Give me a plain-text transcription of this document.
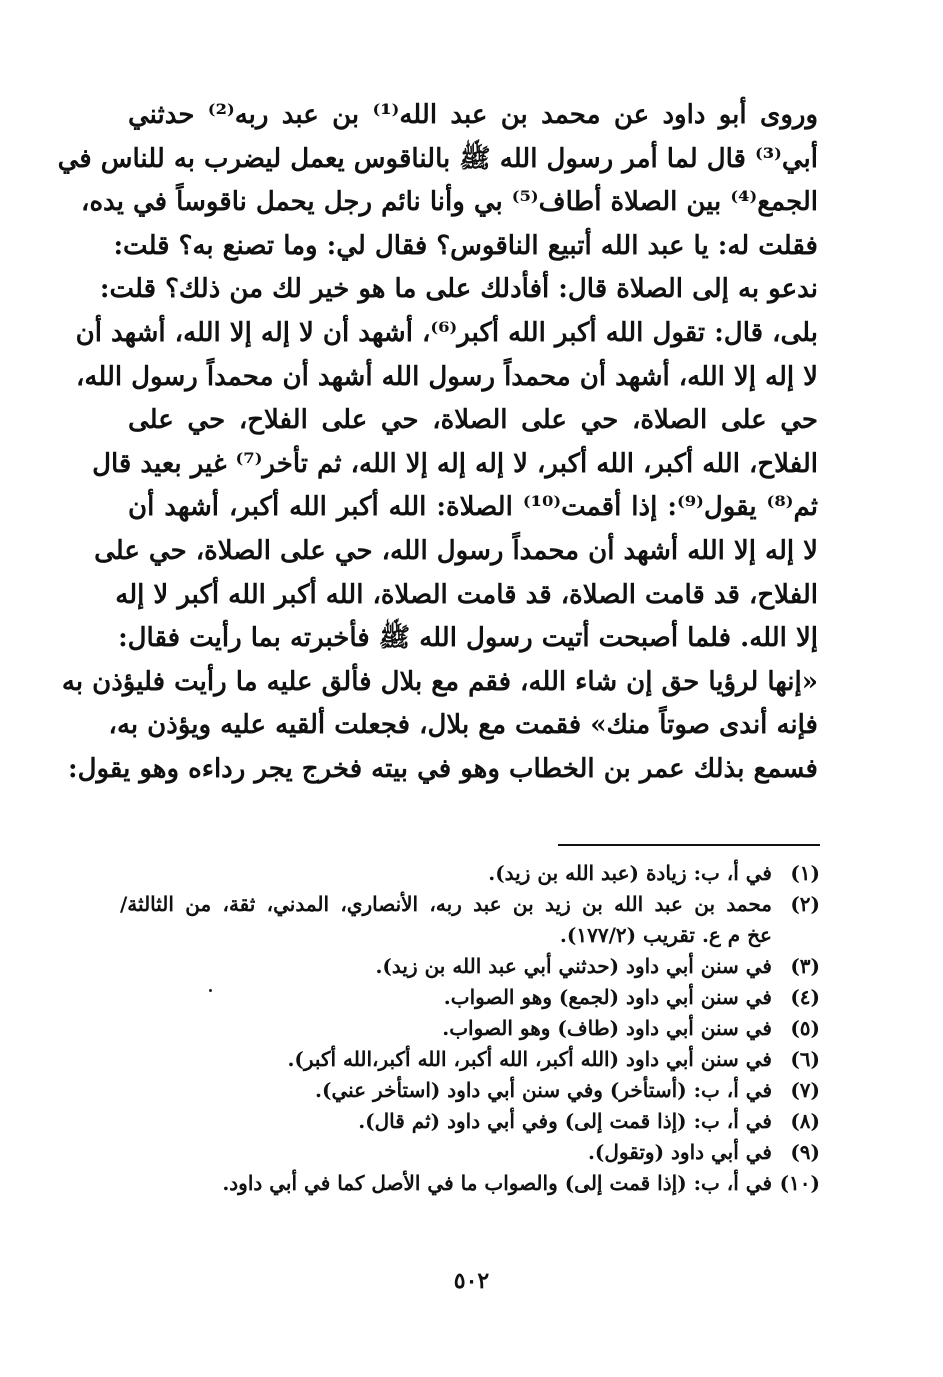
وروى أبو داود عن محمد بن عبد الله⁽¹⁾ بن عبد ربه⁽²⁾ حدثني
أبي⁽³⁾ قال لما أمر رسول الله ﷺ بالناقوس يعمل ليضرب به للناس في
الجمع⁽⁴⁾ بين الصلاة أطاف⁽⁵⁾ بي وأنا نائم رجل يحمل ناقوساً في يده،
فقلت له: يا عبد الله أتبيع الناقوس؟ فقال لي: وما تصنع به؟ قلت:
ندعو به إلى الصلاة قال: أفأدلك على ما هو خير لك من ذلك؟ قلت:
بلى، قال: تقول الله أكبر الله أكبر⁽⁶⁾، أشهد أن لا إله إلا الله، أشهد أن
لا إله إلا الله، أشهد أن محمداً رسول الله أشهد أن محمداً رسول الله،
حي على الصلاة، حي على الصلاة، حي على الفلاح، حي على
الفلاح، الله أكبر، الله أكبر، لا إله إله إلا الله، ثم تأخر⁽⁷⁾ غير بعيد قال
ثم⁽⁸⁾ يقول⁽⁹⁾: إذا أقمت⁽¹⁰⁾ الصلاة: الله أكبر الله أكبر، أشهد أن
لا إله إلا الله أشهد أن محمداً رسول الله، حي على الصلاة، حي على
الفلاح، قد قامت الصلاة، قد قامت الصلاة، الله أكبر الله أكبر لا إله
إلا الله. فلما أصبحت أتيت رسول الله ﷺ فأخبرته بما رأيت فقال:
«إنها لرؤيا حق إن شاء الله، فقم مع بلال فألق عليه ما رأيت فليؤذن به
فإنه أندى صوتاً منك» فقمت مع بلال، فجعلت ألقيه عليه ويؤذن به،
فسمع بذلك عمر بن الخطاب وهو في بيته فخرج يجر رداءه وهو يقول:
(١)
في أ، ب: زيادة (عبد الله بن زيد).
(٢)
محمد بن عبد الله بن زيد بن عبد ربه، الأنصاري، المدني، ثقة، من الثالثة/
عخ م ع. تقريب (١٧٧/٢).
(٣)
في سنن أبي داود (حدثني أبي عبد الله بن زيد).
(٤)
في سنن أبي داود (لجمع) وهو الصواب.
(٥)
في سنن أبي داود (طاف) وهو الصواب.
(٦)
في سنن أبي داود (الله أكبر، الله أكبر، الله أكبر،الله أكبر).
(٧)
في أ، ب: (أستأخر) وفي سنن أبي داود (استأخر عني).
(٨)
في أ، ب: (إذا قمت إلى) وفي أبي داود (ثم قال).
(٩)
في أبي داود (وتقول).
(١٠)
في أ، ب: (إذا قمت إلى) والصواب ما في الأصل كما في أبي داود.
٥٠٢
